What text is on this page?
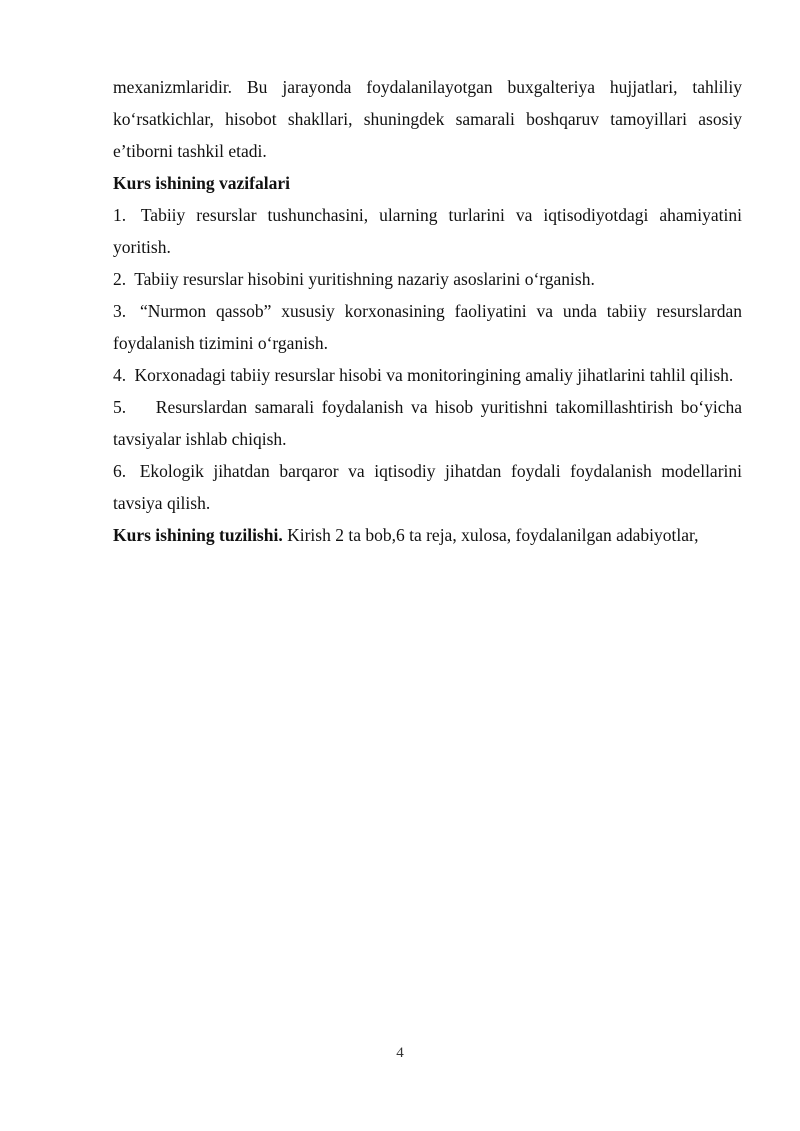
mexanizmlaridir. Bu jarayonda foydalanilayotgan buxgalteriya hujjatlari, tahliliy ko‘rsatkichlar, hisobot shakllari, shuningdek samarali boshqaruv tamoyillari asosiy e’tiborni tashkil etadi.

Kurs ishining vazifalari

1. Tabiiy resurslar tushunchasini, ularning turlarini va iqtisodiyotdagi ahamiyatini yoritish.

2. Tabiiy resurslar hisobini yuritishning nazariy asoslarini o‘rganish.

3. “Nurmon qassob” xususiy korxonasining faoliyatini va unda tabiiy resurslardan foydalanish tizimini o‘rganish.

4. Korxonadagi tabiiy resurslar hisobi va monitoringining amaliy jihatlarini tahlil qilish.

5. Resurslardan samarali foydalanish va hisob yuritishni takomillashtirish bo‘yicha tavsiyalar ishlab chiqish.

6. Ekologik jihatdan barqaror va iqtisodiy jihatdan foydali foydalanish modellarini tavsiya qilish.

Kurs ishining tuzilishi. Kirish 2 ta bob,6 ta reja, xulosa, foydalanilgan adabiyotlar,

4
